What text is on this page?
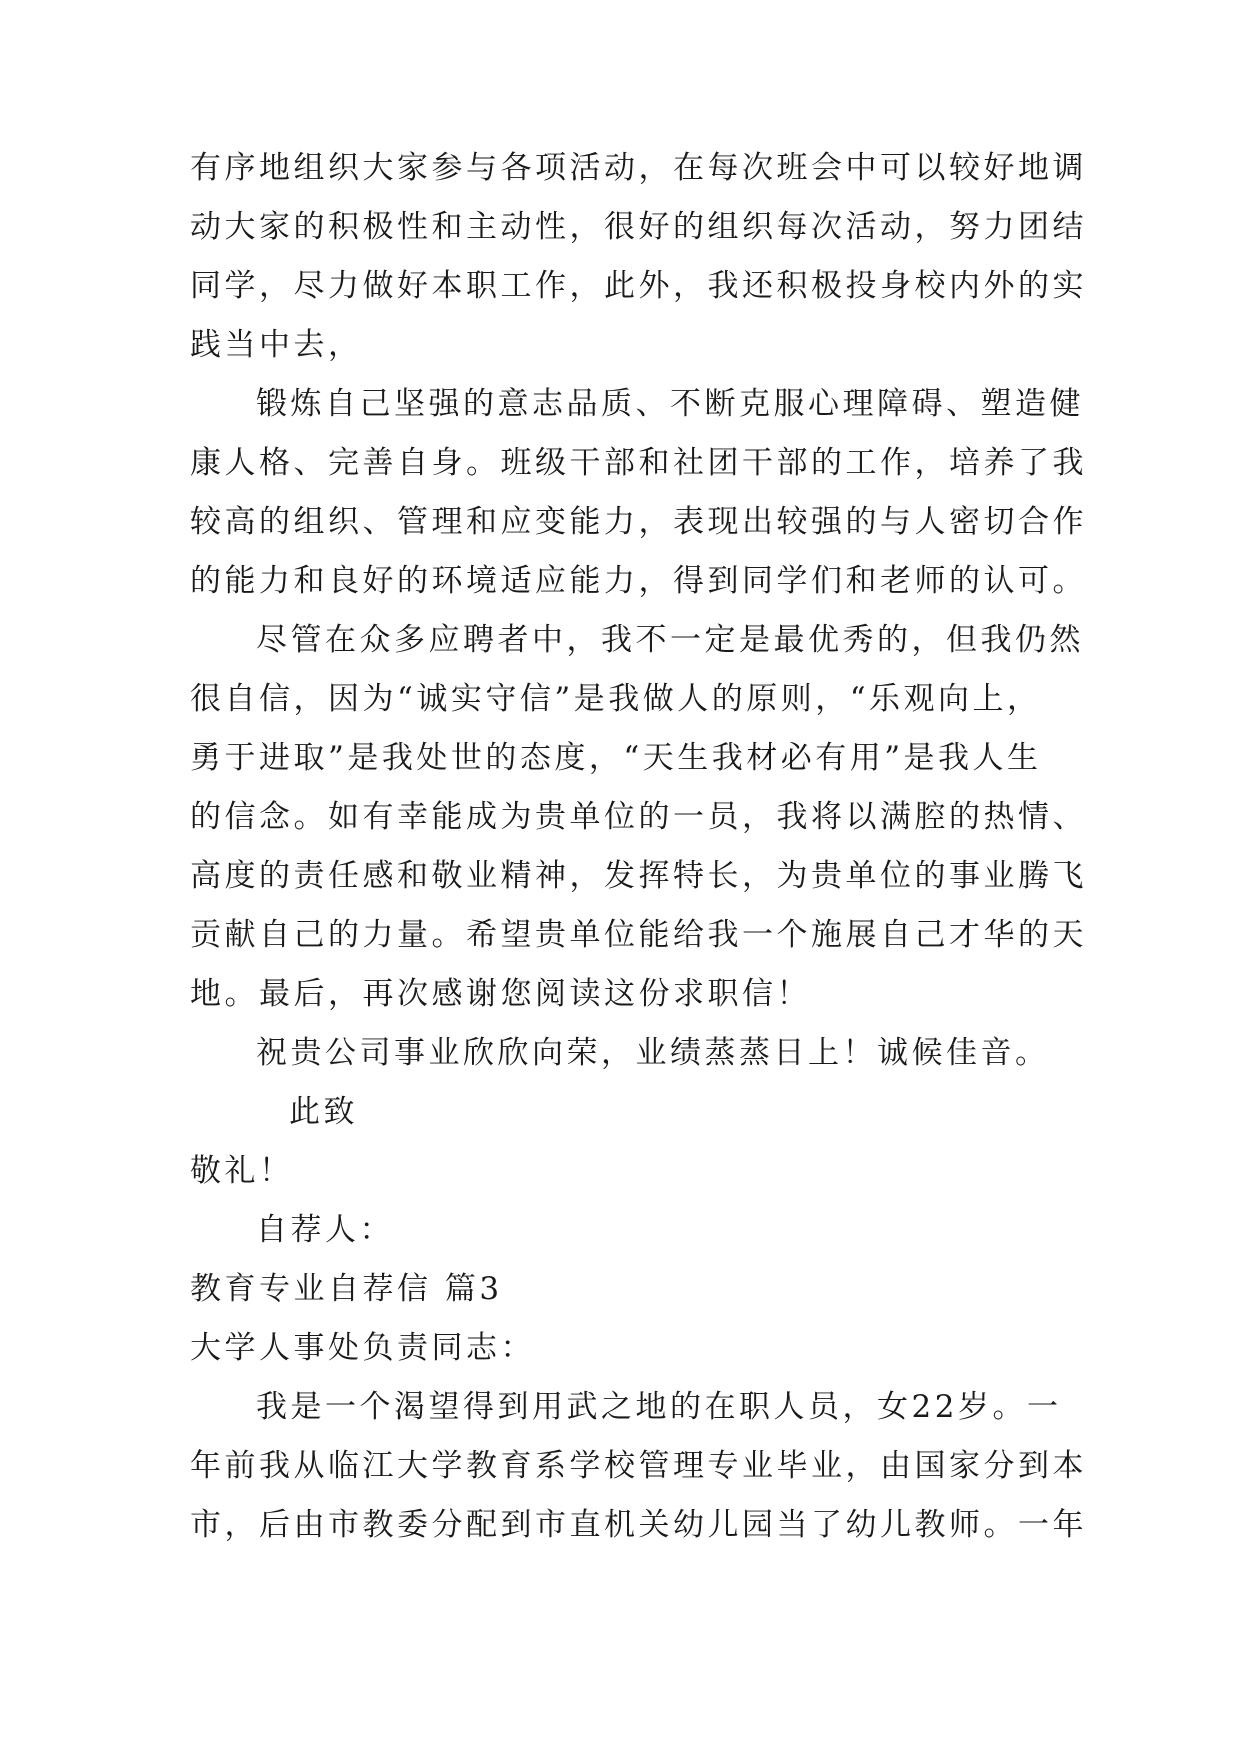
有序地组织大家参与各项活动，在每次班会中可以较好地调
动大家的积极性和主动性，很好的组织每次活动，努力团结
同学，尽力做好本职工作，此外，我还积极投身校内外的实
践当中去，
锻炼自己坚强的意志品质、不断克服心理障碍、塑造健
康人格、完善自身。班级干部和社团干部的工作，培养了我
较高的组织、管理和应变能力，表现出较强的与人密切合作
的能力和良好的环境适应能力，得到同学们和老师的认可。
尽管在众多应聘者中，我不一定是最优秀的，但我仍然
很自信，因为“诚实守信”是我做人的原则，“乐观向上，
勇于进取”是我处世的态度，“天生我材必有用”是我人生
的信念。如有幸能成为贵单位的一员，我将以满腔的热情、
高度的责任感和敬业精神，发挥特长，为贵单位的事业腾飞
贡献自己的力量。希望贵单位能给我一个施展自己才华的天
地。最后，再次感谢您阅读这份求职信！
祝贵公司事业欣欣向荣，业绩蒸蒸日上！诚候佳音。
此致
敬礼！
自荐人：
教育专业自荐信 篇3
大学人事处负责同志：
我是一个渴望得到用武之地的在职人员，女22岁。一
年前我从临江大学教育系学校管理专业毕业，由国家分到本
市，后由市教委分配到市直机关幼儿园当了幼儿教师。一年
